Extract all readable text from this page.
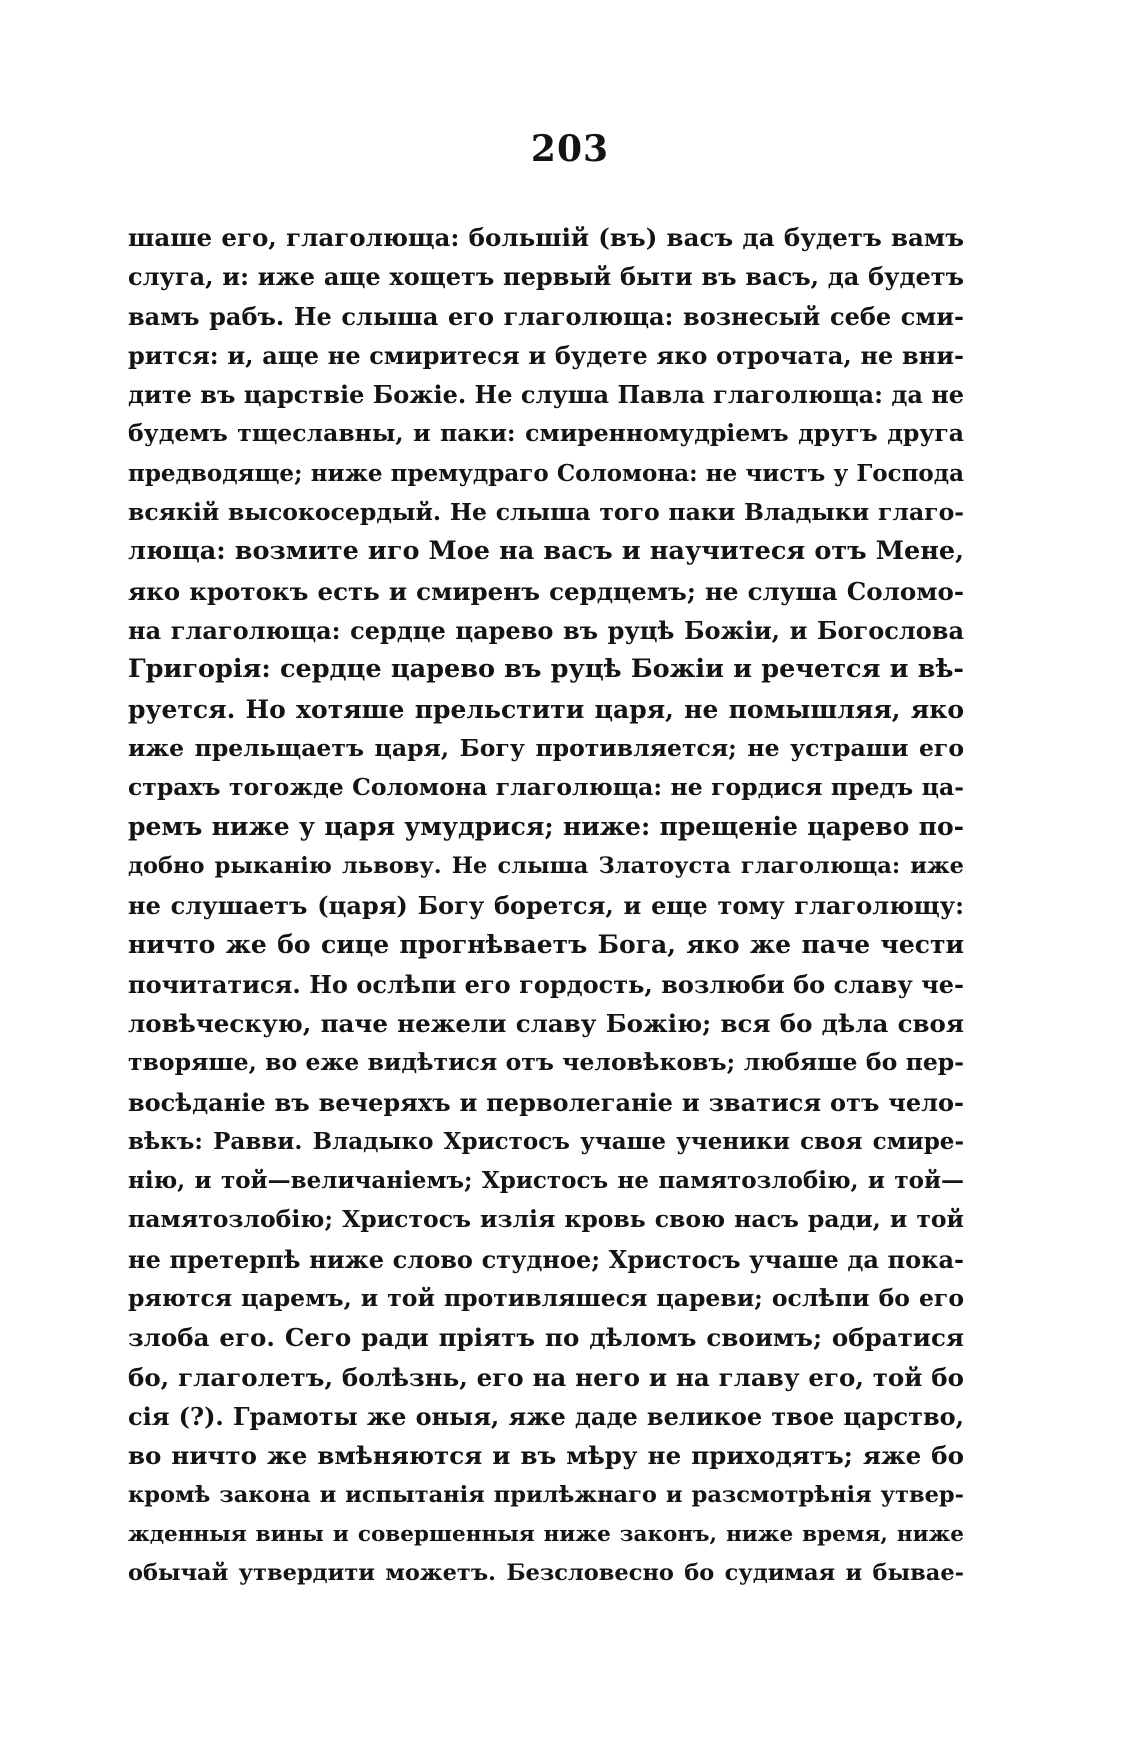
203
шаше его, глаголюща: большій (въ) васъ да будетъ вамъ
слуга, и: иже аще хощетъ первый быти въ васъ, да будетъ
вамъ рабъ. Не слыша его глаголюща: вознесый себе сми-
рится: и, аще не смиритеся и будете яко отрочата, не вни-
дите въ царствіе Божіе. Не слуша Павла глаголюща: да не
будемъ тщеславны, и паки: смиренномудріемъ другъ друга
предводяще; ниже премудраго Соломона: не чистъ у Господа
всякій высокосердый. Не слыша того паки Владыки глаго-
люща: возмите иго Мое на васъ и научитеся отъ Мене,
яко кротокъ есть и смиренъ сердцемъ; не слуша Соломо-
на глаголюща: сердце царево въ руцѣ Божіи, и Богослова
Григорія: сердце царево въ руцѣ Божіи и речется и вѣ-
руется. Но хотяше прельстити царя, не помышляя, яко
иже прельщаетъ царя, Богу противляется; не устраши его
страхъ тогожде Соломона глаголюща: не гордися предъ ца-
ремъ ниже у царя умудрися; ниже: прещеніе царево по-
добно рыканію львову. Не слыша Златоуста глаголюща: иже
не слушаетъ (царя) Богу борется, и еще тому глаголющу:
ничто же бо сице прогнѣваетъ Бога, яко же паче чести
почитатися. Но ослѣпи его гордость, возлюби бо славу че-
ловѣческую, паче нежели славу Божію; вся бо дѣла своя
творяше, во еже видѣтися отъ человѣковъ; любяше бо пер-
восѣданіе въ вечеряхъ и перволеганіе и зватися отъ чело-
вѣкъ: Равви. Владыко Христосъ учаше ученики своя смире-
нію, и той—величаніемъ; Христосъ не памятозлобію, и той—
памятозлобію; Христосъ излія кровь свою насъ ради, и той
не претерпѣ ниже слово студное; Христосъ учаше да пока-
ряются царемъ, и той противляшеся цареви; ослѣпи бо его
злоба его. Сего ради пріятъ по дѣломъ своимъ; обратися
бо, глаголетъ, болѣзнь, его на него и на главу его, той бо
сія (?). Грамоты же оныя, яже даде великое твое царство,
во ничто же вмѣняются и въ мѣру не приходятъ; яже бо
кромѣ закона и испытанія прилѣжнаго и разсмотрѣнія утвер-
жденныя вины и совершенныя ниже законъ, ниже время, ниже
обычай утвердити можетъ. Безсловесно бо судимая и бывае-
